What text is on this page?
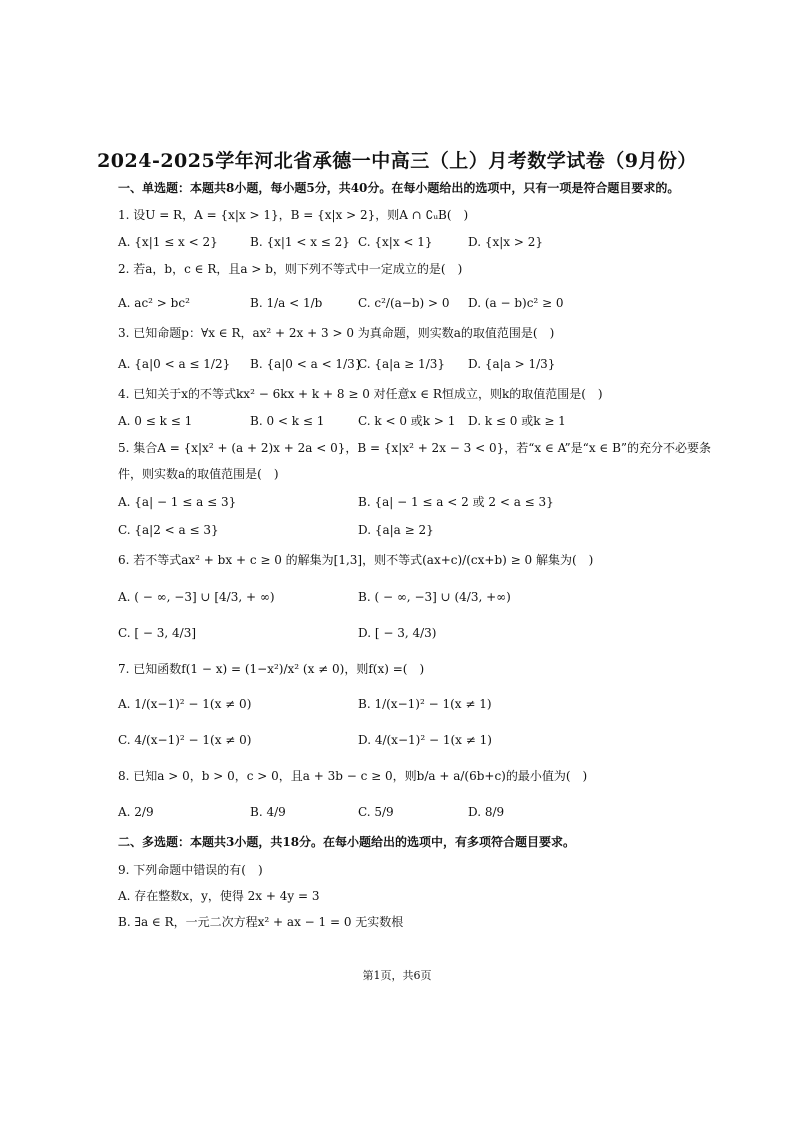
2024-2025学年河北省承德一中高三（上）月考数学试卷（9月份）
一、单选题：本题共8小题，每小题5分，共40分。在每小题给出的选项中，只有一项是符合题目要求的。
1. 设U = R，A = {x|x > 1}，B = {x|x > 2}，则A ∩ ∁ᵤB(　)
A. {x|1 ≤ x < 2}	B. {x|1 < x ≤ 2} C. {x|x < 1}	D. {x|x > 2}
2. 若a，b，c ∈ R，且a > b，则下列不等式中一定成立的是(　)
A. ac² > bc²	B. 1/a < 1/b	C. c²/(a−b) > 0 D. (a − b)c² ≥ 0
3. 已知命题p：∀x ∈ R，ax² + 2x + 3 > 0 为真命题，则实数a的取值范围是(　)
A. {a|0 < a ≤ 1/2} B. {a|0 < a < 1/3}
C. {a|a ≥ 1/3} D. {a|a > 1/3}
4. 已知关于x的不等式kx² − 6kx + k + 8 ≥ 0 对任意x ∈ R恒成立，则k的取值范围是(　)
A. 0 ≤ k ≤ 1	B. 0 < k ≤ 1	C. k < 0 或k > 1 D. k ≤ 0 或k ≥ 1
5. 集合A = {x|x² + (a + 2)x + 2a < 0}，B = {x|x² + 2x − 3 < 0}，若“x ∈ A”是“x ∈ B”的充分不必要条
件，则实数a的取值范围是(　)
A. {a| − 1 ≤ a ≤ 3}	B. {a| − 1 ≤ a < 2 或 2 < a ≤ 3}
C. {a|2 < a ≤ 3}	D. {a|a ≥ 2}
6. 若不等式ax² + bx + c ≥ 0 的解集为[1,3]，则不等式(ax+c)/(cx+b) ≥ 0 解集为(　)
A. ( − ∞, −3] ∪ [4/3, + ∞)	B. ( − ∞, −3] ∪ (4/3, +∞)
C. [ − 3, 4/3]	D. [ − 3, 4/3)
7. 已知函数f(1 − x) = (1−x²)/x² (x ≠ 0)，则f(x) =(　)
A. 1/(x−1)² − 1(x ≠ 0)	B. 1/(x−1)² − 1(x ≠ 1)
C. 4/(x−1)² − 1(x ≠ 0)	D. 4/(x−1)² − 1(x ≠ 1)
8. 已知a > 0，b > 0，c > 0，且a + 3b − c ≥ 0，则b/a + a/(6b+c)的最小值为(　)
A. 2/9	B. 4/9	C. 5/9	D. 8/9
二、多选题：本题共3小题，共18分。在每小题给出的选项中，有多项符合题目要求。
9. 下列命题中错误的有(　)
A. 存在整数x，y，使得 2x + 4y = 3
B. ∃a ∈ R，一元二次方程x² + ax − 1 = 0 无实数根
第1页，共6页
